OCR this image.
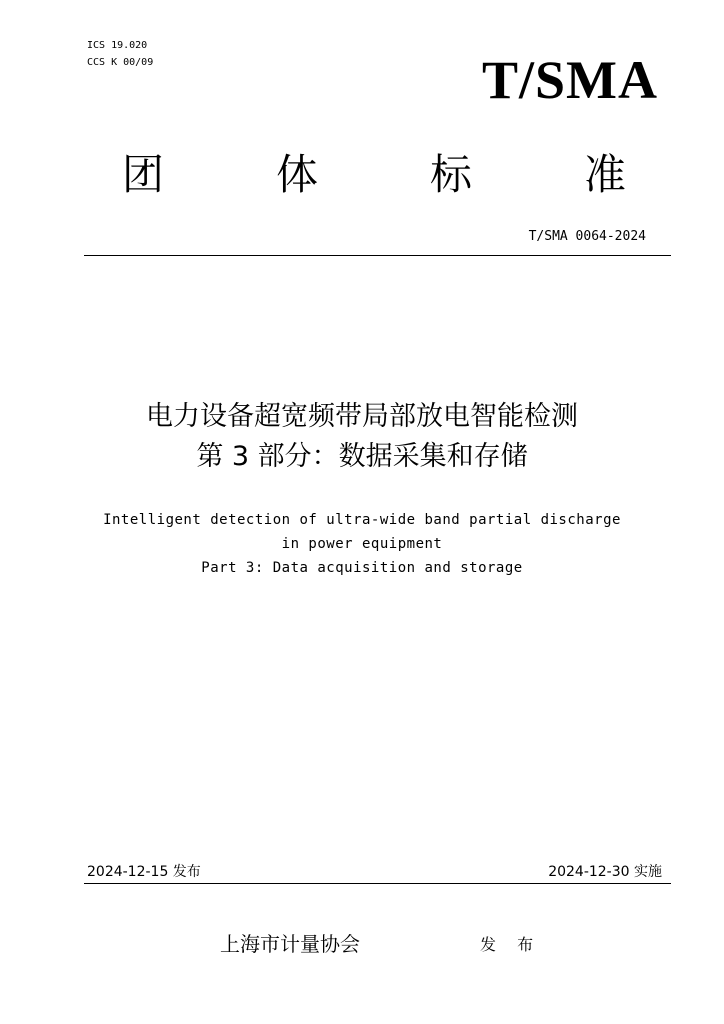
ICS 19.020
CCS K 00/09	T/SMA
团	体	标	准
T/SMA 0064-2024
电力设备超宽频带局部放电智能检测
第 3 部分：数据采集和存储
Intelligent detection of ultra-wide band partial discharge
in power equipment
Part 3: Data acquisition and storage
2024-12-15 发布	2024-12-30 实施
上海市计量协会	发 布
